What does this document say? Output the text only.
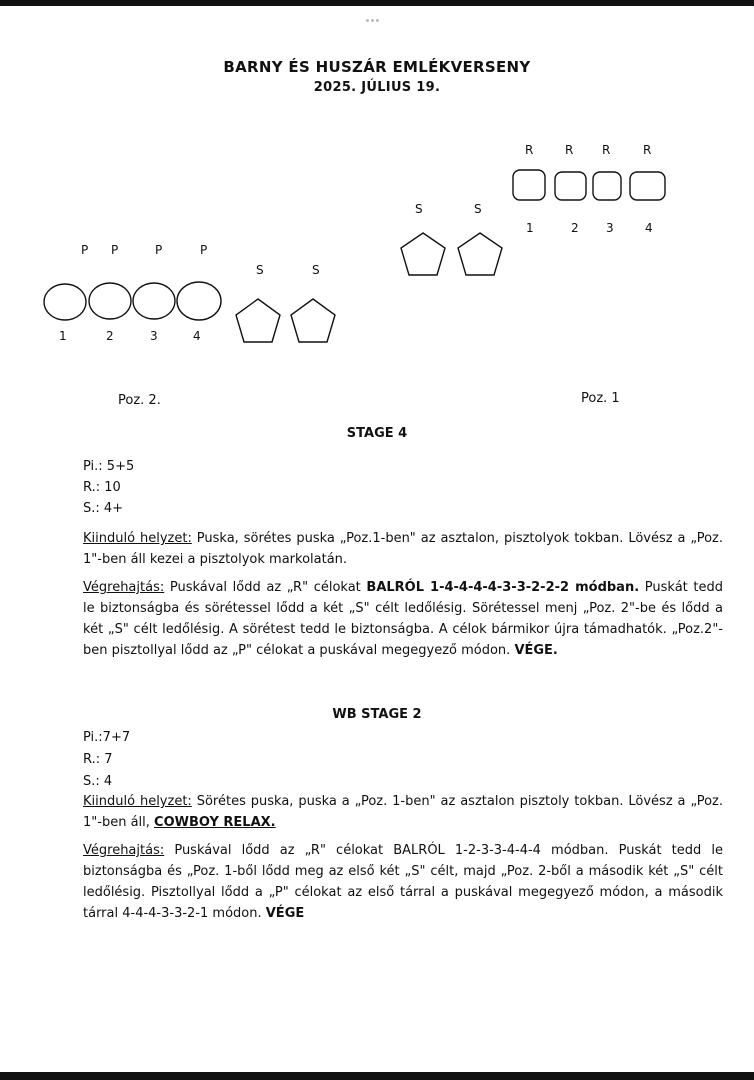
BARNY ÉS HUSZÁR EMLÉKVERSENY
2025. JÚLIUS 19.
R	R R	R
1	2 3	4
S	S
P P	P	P
1	2	3	4
S	S
Poz. 2.	Poz. 1
STAGE 4
Pi.: 5+5
R.: 10
S.: 4+
Kiinduló helyzet: Puska, sörétes puska „Poz.1-ben" az asztalon, pisztolyok tokban. Lövész a „Poz. 1"-ben áll kezei a pisztolyok markolatán.
Végrehajtás: Puskával lődd az „R" célokat BALRÓL 1-4-4-4-4-3-3-2-2-2 módban. Puskát tedd le biztonságba és sörétessel lődd a két „S" célt ledőlésig. Sörétessel menj „Poz. 2"-be és lődd a két „S" célt ledőlésig. A sörétest tedd le biztonságba. A célok bármikor újra támadhatók. „Poz.2"-ben pisztollyal lődd az „P" célokat a puskával megegyező módon. VÉGE.
WB STAGE 2
Pi.:7+7
R.: 7
S.: 4
Kiinduló helyzet: Sörétes puska, puska a „Poz. 1-ben" az asztalon pisztoly tokban. Lövész a „Poz. 1"-ben áll, COWBOY RELAX.
Végrehajtás: Puskával lődd az „R" célokat BALRÓL 1-2-3-3-4-4-4 módban. Puskát tedd le biztonságba és „Poz. 1-ből lődd meg az első két „S" célt, majd „Poz. 2-ből a második két „S" célt ledőlésig. Pisztollyal lődd a „P" célokat az első tárral a puskával megegyező módon, a második tárral 4-4-4-3-3-2-1 módon. VÉGE
